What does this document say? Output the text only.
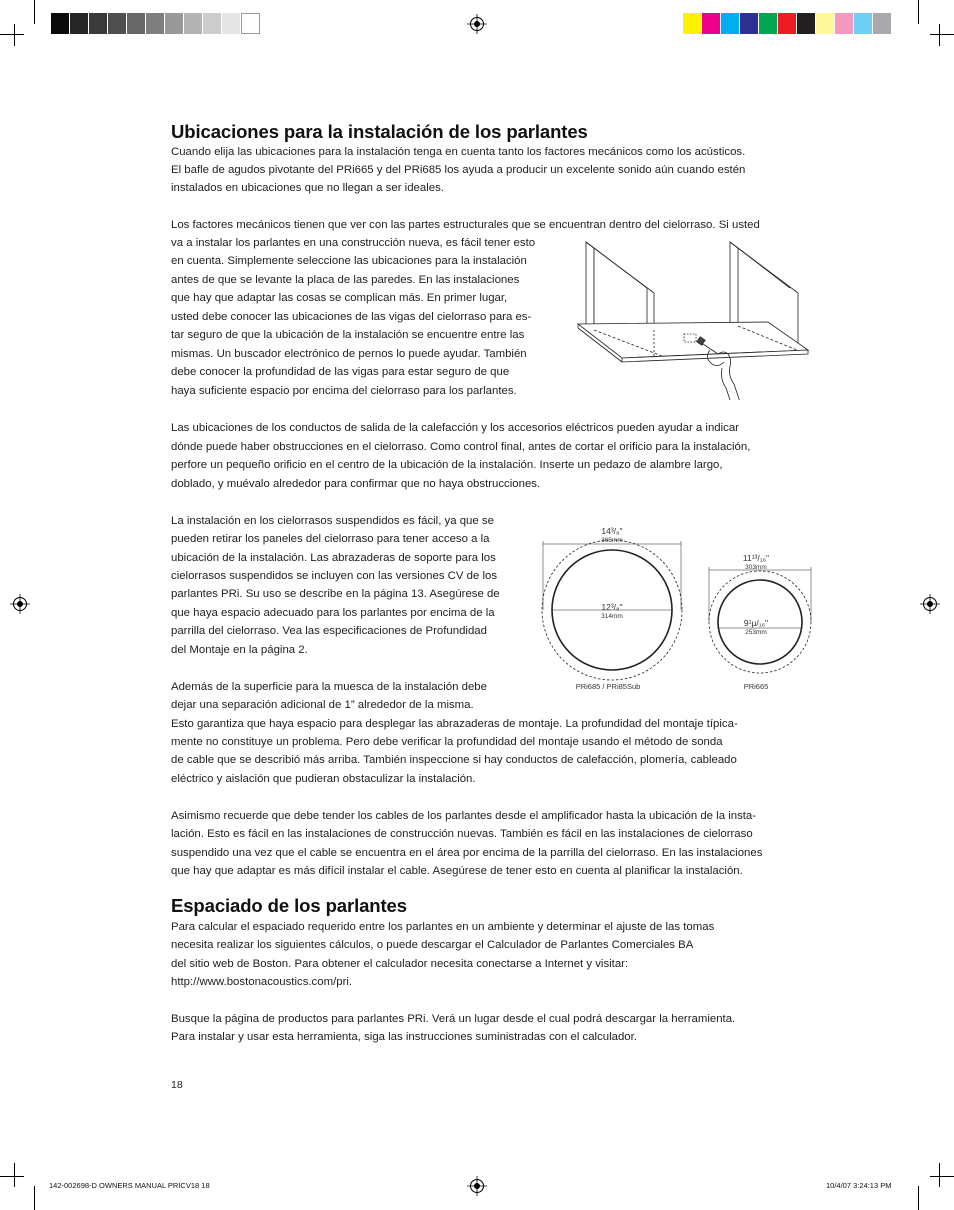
Ubicaciones para la instalación de los parlantes

Cuando elija las ubicaciones para la instalación tenga en cuenta tanto los factores mecánicos como los acústicos.

El bafle de agudos pivotante del PRi665 y del PRi685 los ayuda a producir un excelente sonido aún cuando estén

instalados en ubicaciones que no llegan a ser ideales.

Los factores mecánicos tienen que ver con las partes estructurales que se encuentran dentro del cielorraso. Si usted

va a instalar los parlantes en una construcción nueva, es fácil tener esto

en cuenta. Simplemente seleccione las ubicaciones para la instalación

antes de que se levante la placa de las paredes. En las instalaciones

que hay que adaptar las cosas se complican más. En primer lugar,

usted debe conocer las ubicaciones de las vigas del cielorraso para es-

tar seguro de que la ubicación de la instalación se encuentre entre las

mismas. Un buscador electrónico de pernos lo puede ayudar. También

debe conocer la profundidad de las vigas para estar seguro de que

haya suficiente espacio por encima del cielorraso para los parlantes.

Las ubicaciones de los conductos de salida de la calefacción y los accesorios eléctricos pueden ayudar a indicar

dónde puede haber obstrucciones en el cielorraso. Como control final, antes de cortar el orificio para la instalación,

perfore un pequeño orificio en el centro de la ubicación de la instalación. Inserte un pedazo de alambre largo,

doblado, y muévalo alrededor para confirmar que no haya obstrucciones.

La instalación en los cielorrasos suspendidos es fácil, ya que se

pueden retirar los paneles del cielorraso para tener acceso a la

ubicación de la instalación. Las abrazaderas de soporte para los

cielorrasos suspendidos se incluyen con las versiones CV de los

parlantes PRi. Su uso se describe en la página 13. Asegúrese de

que haya espacio adecuado para los parlantes por encima de la

parrilla del cielorraso. Vea las especificaciones de Profundidad

del Montaje en la página 2.

14³/₈"
365mm
12³/₈"
314mm
11¹³/₁₆"
303mm
9¹µ/₁₆"
253mm
PRi685 / PRi85Sub	PRi665

Además de la superficie para la muesca de la instalación debe

dejar una separación adicional de 1” alrededor de la misma.

Esto garantiza que haya espacio para desplegar las abrazaderas de montaje. La profundidad del montaje típica-

mente no constituye un problema. Pero debe verificar la profundidad del montaje usando el método de sonda

de cable que se describió más arriba. También inspeccione si hay conductos de calefacción, plomería, cableado

eléctrico y aislación que pudieran obstaculizar la instalación.

Asimismo recuerde que debe tender los cables de los parlantes desde el amplificador hasta la ubicación de la insta-

lación. Esto es fácil en las instalaciones de construcción nuevas. También es fácil en las instalaciones de cielorraso

suspendido una vez que el cable se encuentra en el área por encima de la parrilla del cielorraso. En las instalaciones

que hay que adaptar es más difícil instalar el cable. Asegúrese de tener esto en cuenta al planificar la instalación.

Espaciado de los parlantes

Para calcular el espaciado requerido entre los parlantes en un ambiente y determinar el ajuste de las tomas

necesita realizar los siguientes cálculos, o puede descargar el Calculador de Parlantes Comerciales BA

del sitio web de Boston. Para obtener el calculador necesita conectarse a Internet y visitar:

http://www.bostonacoustics.com/pri.

Busque la página de productos para parlantes PRi. Verá un lugar desde el cual podrá descargar la herramienta.

Para instalar y usar esta herramienta, siga las instrucciones suministradas con el calculador.

18
142-002698-D OWNERS MANUAL PRICV18 18	10/4/07 3:24:13 PM
